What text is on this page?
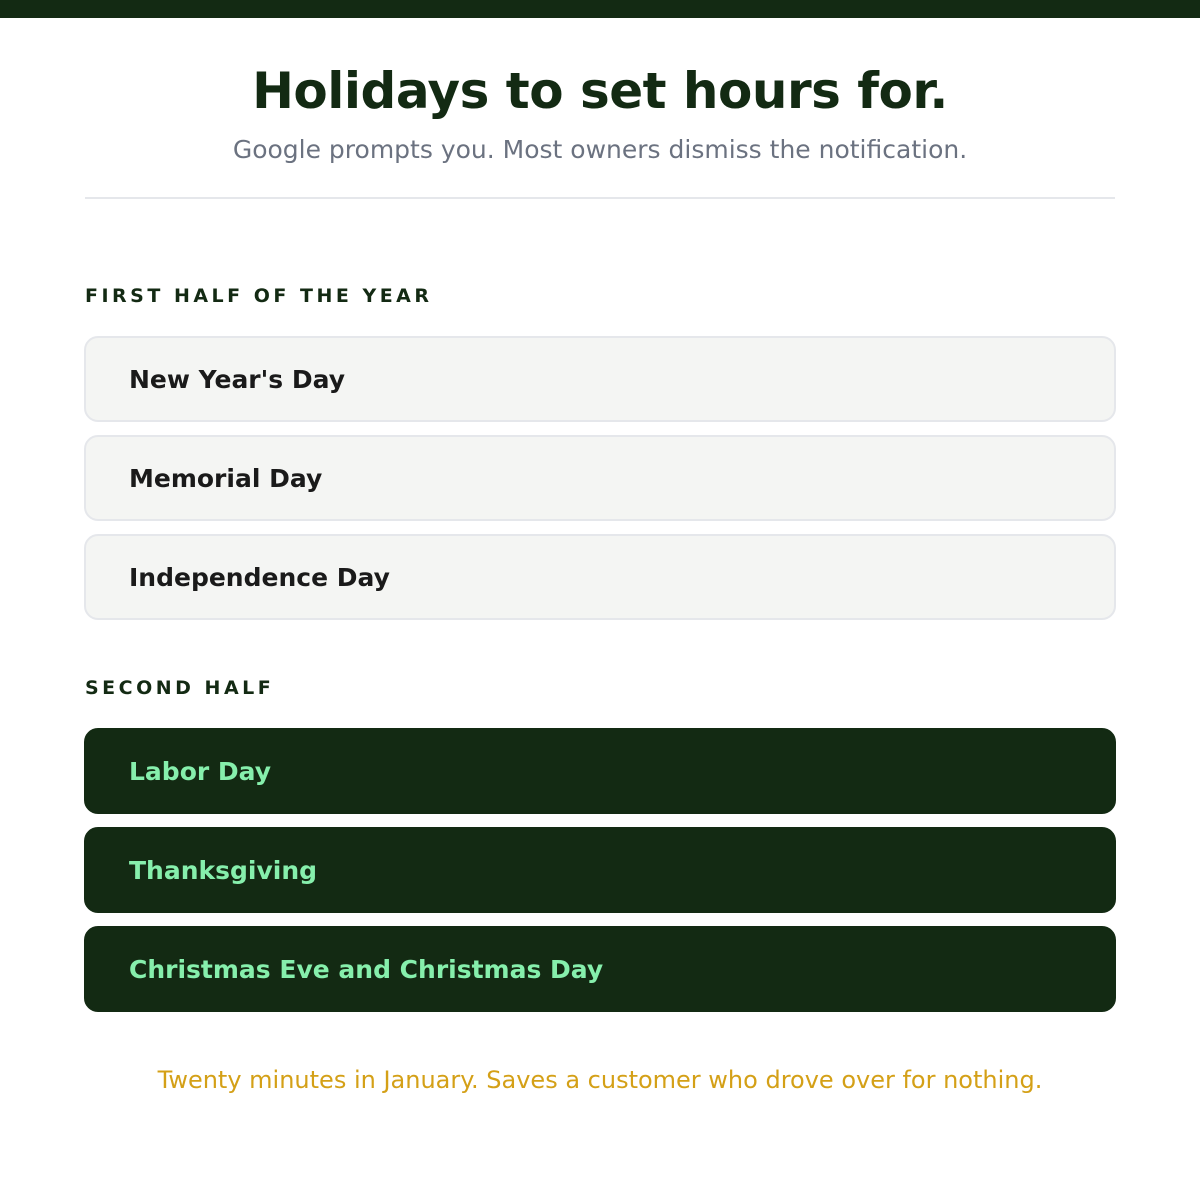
Holidays to set hours for.

Google prompts you. Most owners dismiss the notification.

FIRST HALF OF THE YEAR
New Year's Day
Memorial Day
Independence Day
SECOND HALF
Labor Day
Thanksgiving
Christmas Eve and Christmas Day
Twenty minutes in January. Saves a customer who drove over for nothing.
